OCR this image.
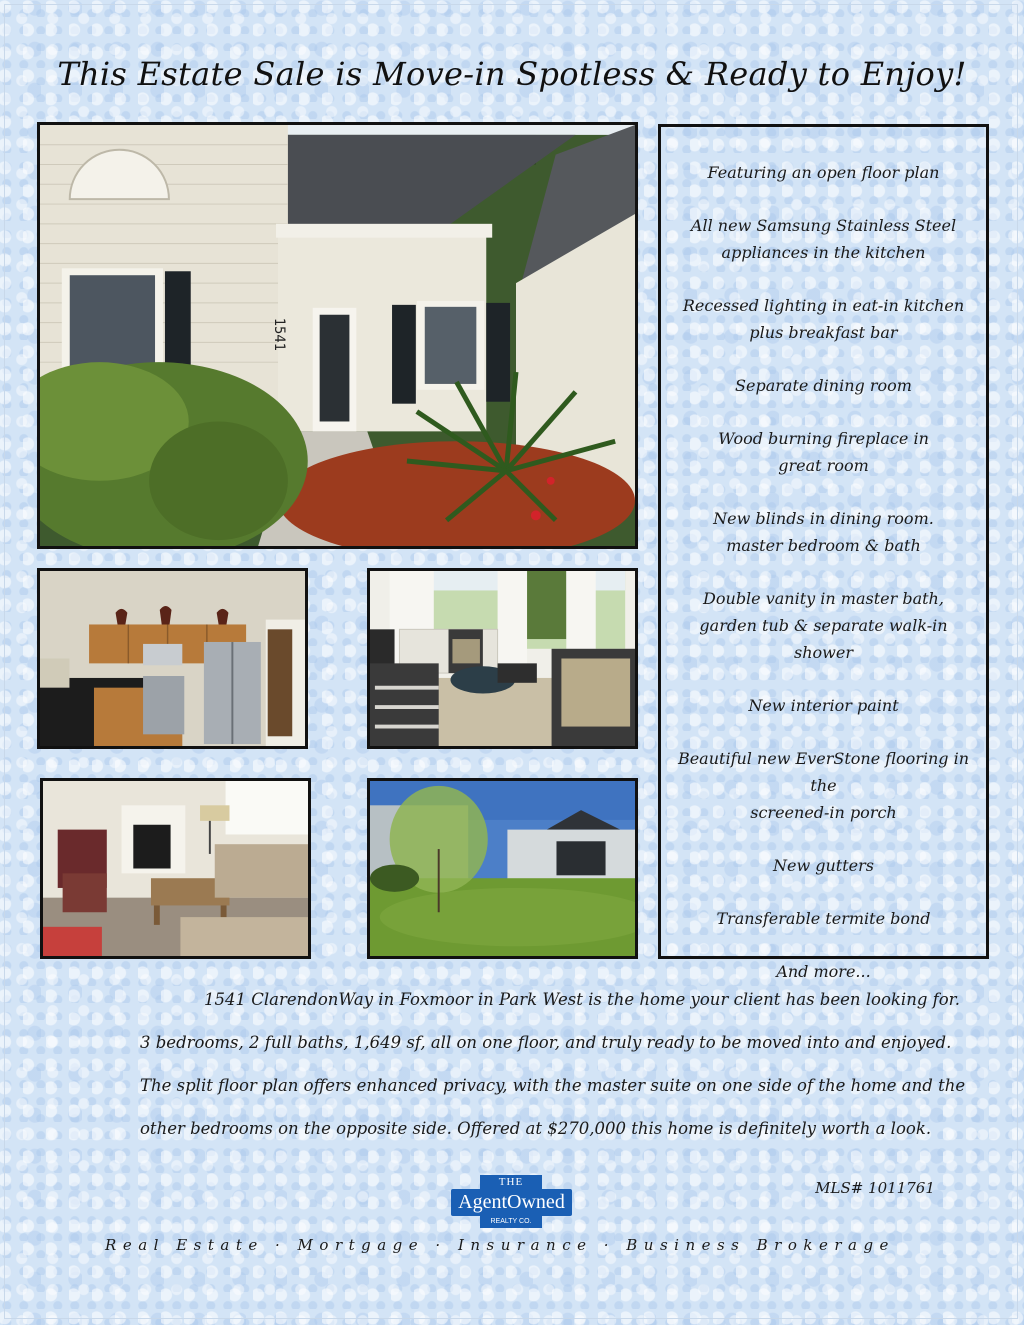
This Estate Sale is Move-in Spotless & Ready to Enjoy!
1541
Featuring an open floor plan
All new Samsung Stainless Steel
appliances in the kitchen
Recessed lighting in eat-in kitchen
plus breakfast bar
Separate dining room
Wood burning fireplace in
great room
New blinds in dining room.
master bedroom & bath
Double vanity in master bath,
garden tub & separate walk-in shower
New interior paint
Beautiful new EverStone flooring in the
screened-in porch
New gutters
Transferable termite bond
And more...

1541 ClarendonWay in Foxmoor in Park West is the home your client has been looking for.

3 bedrooms, 2 full baths, 1,649 sf, all on one floor, and truly ready to be moved into and enjoyed.

The split floor plan offers enhanced privacy, with the master suite on one side of the home and the

other bedrooms on the opposite side. Offered at $270,000 this home is definitely worth a look.

THE
AgentOwned
REALTY CO.
MLS# 1011761
Real Estate · Mortgage · Insurance · Business Brokerage
